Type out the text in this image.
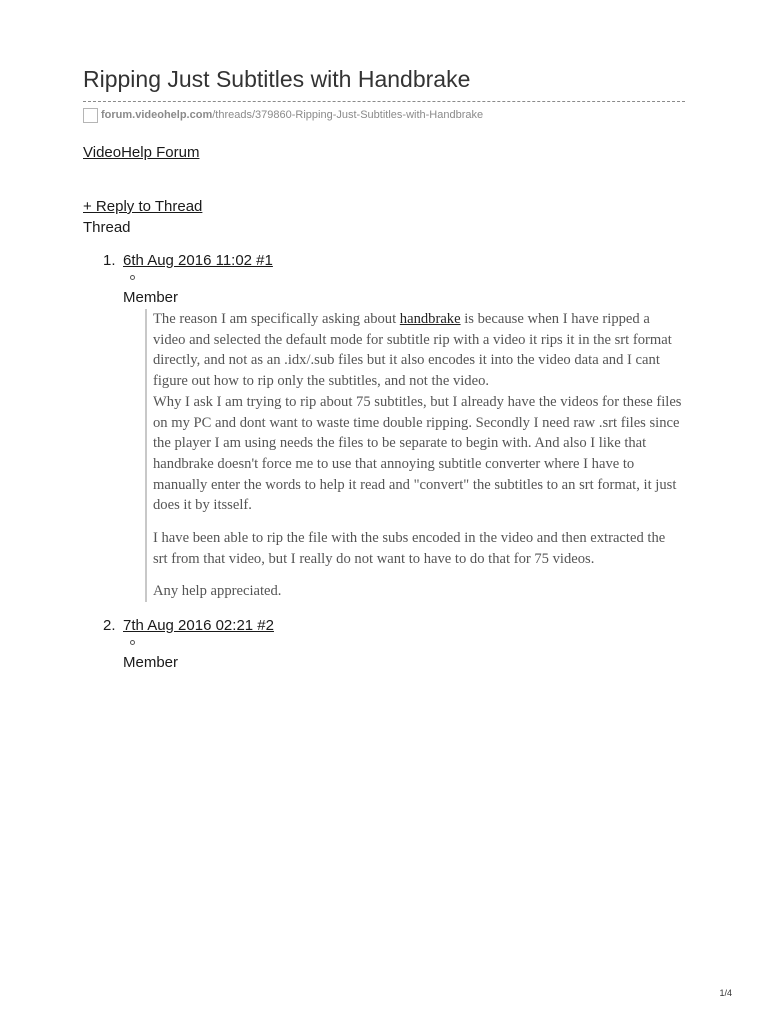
Ripping Just Subtitles with Handbrake
forum.videohelp.com /threads/379860-Ripping-Just-Subtitles-with-Handbrake
VideoHelp Forum
+ Reply to Thread
Thread
1. 6th Aug 2016 11:02 #1
Member

The reason I am specifically asking about handbrake is because when I have ripped a video and selected the default mode for subtitle rip with a video it rips it in the srt format directly, and not as an .idx/.sub files but it also encodes it into the video data and I cant figure out how to rip only the subtitles, and not the video.

Why I ask I am trying to rip about 75 subtitles, but I already have the videos for these files on my PC and dont want to waste time double ripping. Secondly I need raw .srt files since the player I am using needs the files to be separate to begin with. And also I like that handbrake doesn't force me to use that annoying subtitle converter where I have to manually enter the words to help it read and "convert" the subtitles to an srt format, it just does it by itsself.

I have been able to rip the file with the subs encoded in the video and then extracted the srt from that video, but I really do not want to have to do that for 75 videos.

Any help appreciated.

2. 7th Aug 2016 02:21 #2
Member
1/4
